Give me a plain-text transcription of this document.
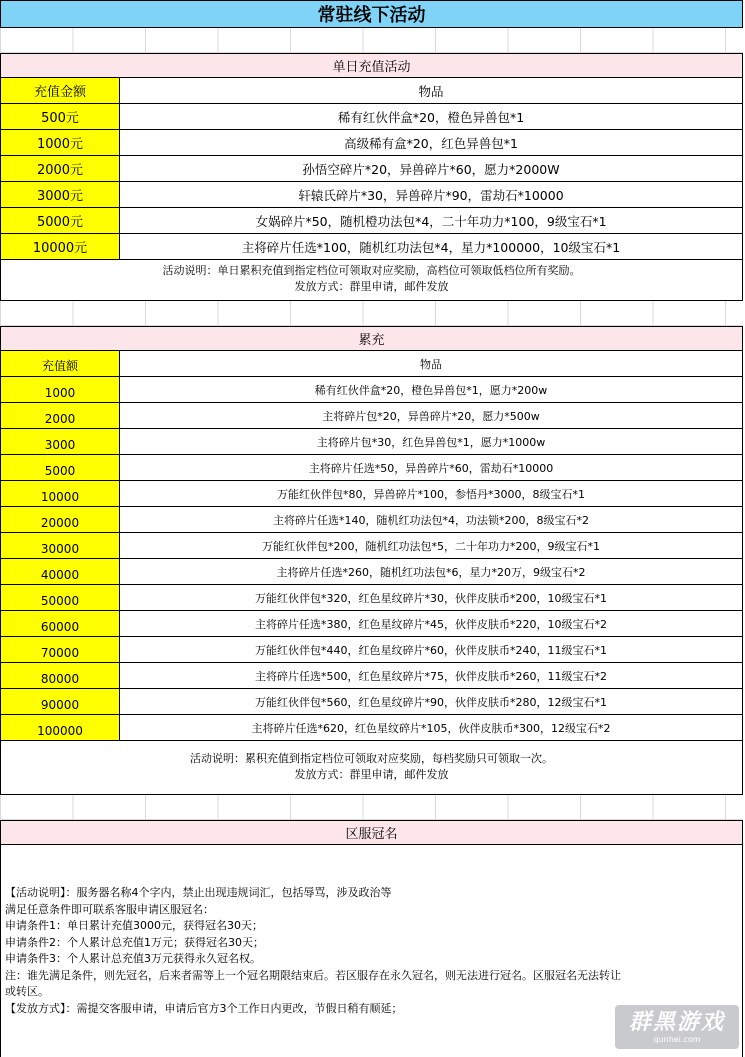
常驻线下活动
单日充值活动
充值金额	物品
500元	稀有红伙伴盒*20，橙色异兽包*1
1000元	高级稀有盒*20，红色异兽包*1
2000元	孙悟空碎片*20，异兽碎片*60，愿力*2000W
3000元	轩辕氏碎片*30，异兽碎片*90，雷劫石*10000
5000元	女娲碎片*50，随机橙功法包*4，二十年功力*100，9级宝石*1
10000元	主将碎片任选*100，随机红功法包*4，星力*100000，10级宝石*1
活动说明：单日累积充值到指定档位可领取对应奖励，高档位可领取低档位所有奖励。
发放方式：群里申请，邮件发放
累充
充值额	物品
1000	稀有红伙伴盒*20，橙色异兽包*1，愿力*200w
2000	主将碎片包*20，异兽碎片*20，愿力*500w
3000	主将碎片包*30，红色异兽包*1，愿力*1000w
5000	主将碎片任选*50，异兽碎片*60，雷劫石*10000
10000	万能红伙伴包*80，异兽碎片*100，参悟丹*3000，8级宝石*1
20000	主将碎片任选*140，随机红功法包*4，功法锁*200，8级宝石*2
30000	万能红伙伴包*200，随机红功法包*5，二十年功力*200，9级宝石*1
40000	主将碎片任选*260，随机红功法包*6，星力*20万，9级宝石*2
50000	万能红伙伴包*320，红色星纹碎片*30，伙伴皮肤币*200，10级宝石*1
60000	主将碎片任选*380，红色星纹碎片*45，伙伴皮肤币*220，10级宝石*2
70000	万能红伙伴包*440，红色星纹碎片*60，伙伴皮肤币*240，11级宝石*1
80000	主将碎片任选*500，红色星纹碎片*75，伙伴皮肤币*260，11级宝石*2
90000	万能红伙伴包*560，红色星纹碎片*90，伙伴皮肤币*280，12级宝石*1
100000	主将碎片任选*620，红色星纹碎片*105，伙伴皮肤币*300，12级宝石*2
活动说明：累积充值到指定档位可领取对应奖励，每档奖励只可领取一次。
发放方式：群里申请，邮件发放
区服冠名
【活动说明】：服务器名称4个字内，禁止出现违规词汇，包括辱骂，涉及政治等
满足任意条件即可联系客服申请区服冠名：
申请条件1：单日累计充值3000元，获得冠名30天；
申请条件2：个人累计总充值1万元；获得冠名30天；
申请条件3：个人累计总充值3万元获得永久冠名权。
注：谁先满足条件，则先冠名，后来者需等上一个冠名期限结束后。若区服存在永久冠名，则无法进行冠名。区服冠名无法转让
或转区。
【发放方式】：需提交客服申请，申请后官方3个工作日内更改，节假日稍有顺延；
群黑游戏
qunhei.com
